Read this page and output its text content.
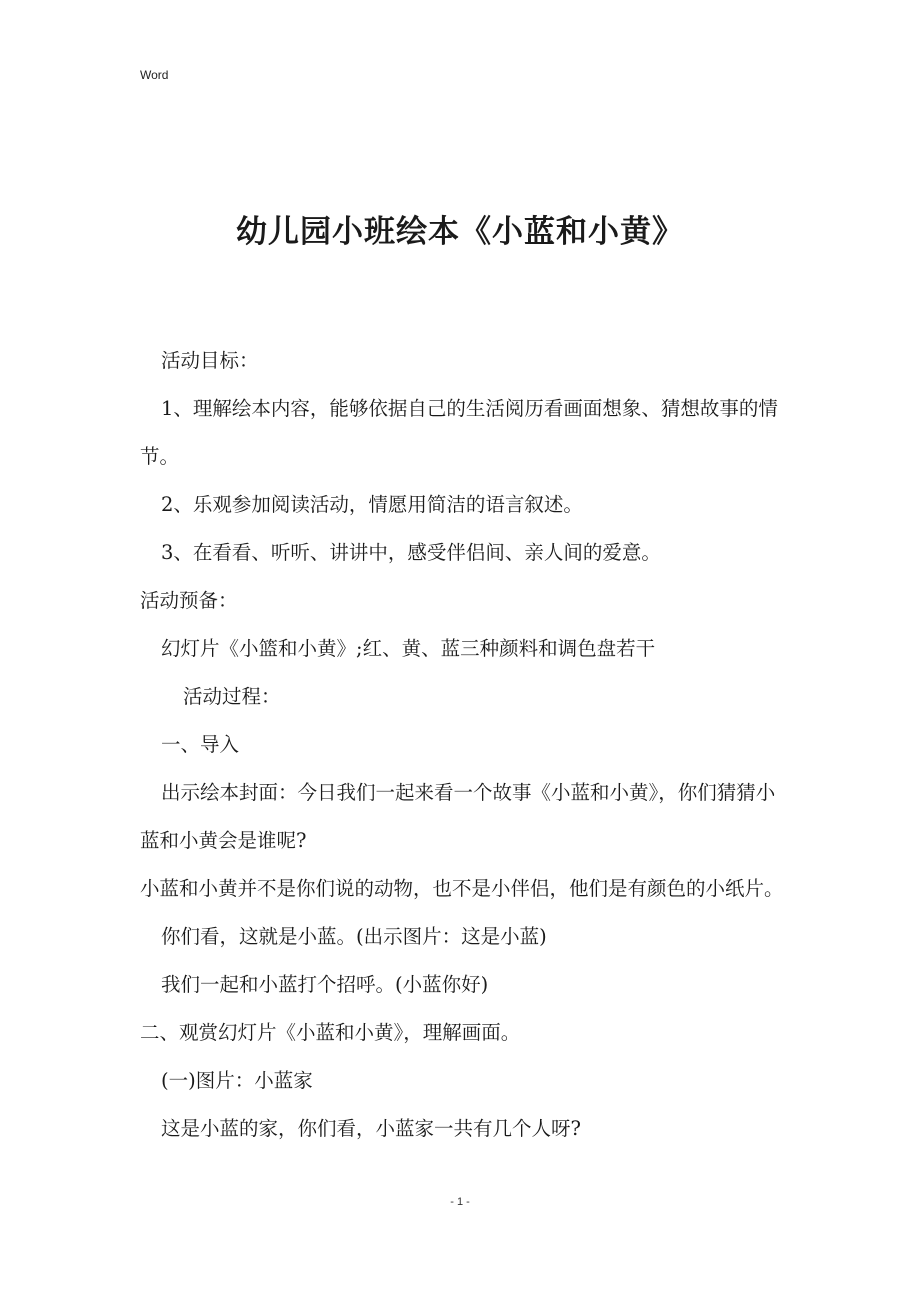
Word
幼儿园小班绘本《小蓝和小黄》

活动目标：

1、理解绘本内容，能够依据自己的生活阅历看画面想象、猜想故事的情节。

2、乐观参加阅读活动，情愿用简洁的语言叙述。

3、在看看、听听、讲讲中，感受伴侣间、亲人间的爱意。

活动预备：

幻灯片《小篮和小黄》;红、黄、蓝三种颜料和调色盘若干

活动过程：

一、导入

出示绘本封面：今日我们一起来看一个故事《小蓝和小黄》，你们猜猜小蓝和小黄会是谁呢?

小蓝和小黄并不是你们说的动物，也不是小伴侣，他们是有颜色的小纸片。

你们看，这就是小蓝。(出示图片：这是小蓝)

我们一起和小蓝打个招呼。(小蓝你好)

二、观赏幻灯片《小蓝和小黄》，理解画面。

(一)图片：小蓝家

这是小蓝的家，你们看，小蓝家一共有几个人呀?

- 1 -
